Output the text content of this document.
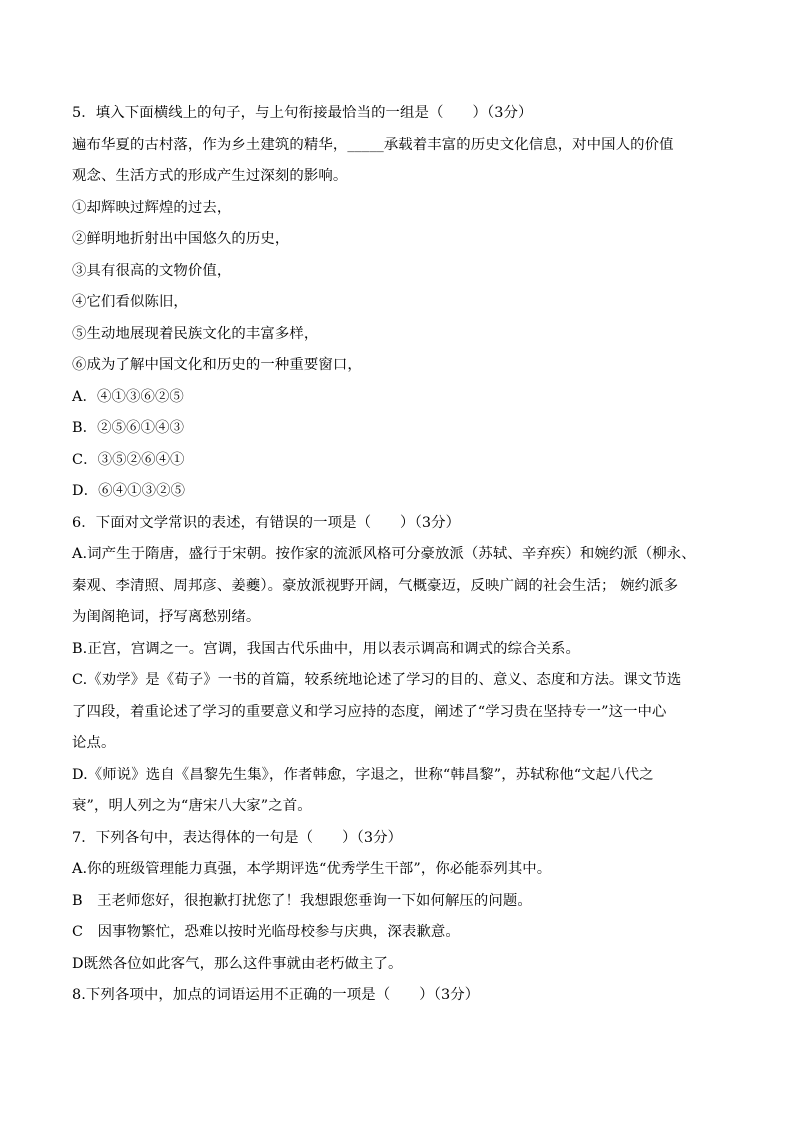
5．填入下面横线上的句子，与上句衔接最恰当的一组是（　　）（3分）
遍布华夏的古村落，作为乡土建筑的精华，_____承载着丰富的历史文化信息，对中国人的价值
观念、生活方式的形成产生过深刻的影响。
①却辉映过辉煌的过去，
②鲜明地折射出中国悠久的历史，
③具有很高的文物价值，
④它们看似陈旧，
⑤生动地展现着民族文化的丰富多样，
⑥成为了解中国文化和历史的一种重要窗口，
A．④①③⑥②⑤
B．②⑤⑥①④③
C．③⑤②⑥④①
D．⑥④①③②⑤
6．下面对文学常识的表述，有错误的一项是（　　）（3分）
A.词产生于隋唐，盛行于宋朝。按作家的流派风格可分豪放派（苏轼、辛弃疾）和婉约派（柳永、
秦观、李清照、周邦彦、姜夔）。豪放派视野开阔，气概豪迈，反映广阔的社会生活； 婉约派多
为闺阁艳词，抒写离愁别绪。
B.正宫，宫调之一。宫调，我国古代乐曲中，用以表示调高和调式的综合关系。
C.《劝学》是《荀子》一书的首篇，较系统地论述了学习的目的、意义、态度和方法。课文节选
了四段，着重论述了学习的重要意义和学习应持的态度，阐述了“学习贵在坚持专一”这一中心
论点。
D.《师说》选自《昌黎先生集》，作者韩愈，字退之，世称“韩昌黎”，苏轼称他“文起八代之
衰”，明人列之为“唐宋八大家”之首。
7．下列各句中，表达得体的一句是（　　）（3分）
A.你的班级管理能力真强，本学期评选“优秀学生干部”，你必能忝列其中。
B　王老师您好，很抱歉打扰您了！我想跟您垂询一下如何解压的问题。
C　因事物繁忙，恐难以按时光临母校参与庆典，深表歉意。
D既然各位如此客气，那么这件事就由老朽做主了。
8.下列各项中，加点的词语运用不正确的一项是（　　）（3分）
